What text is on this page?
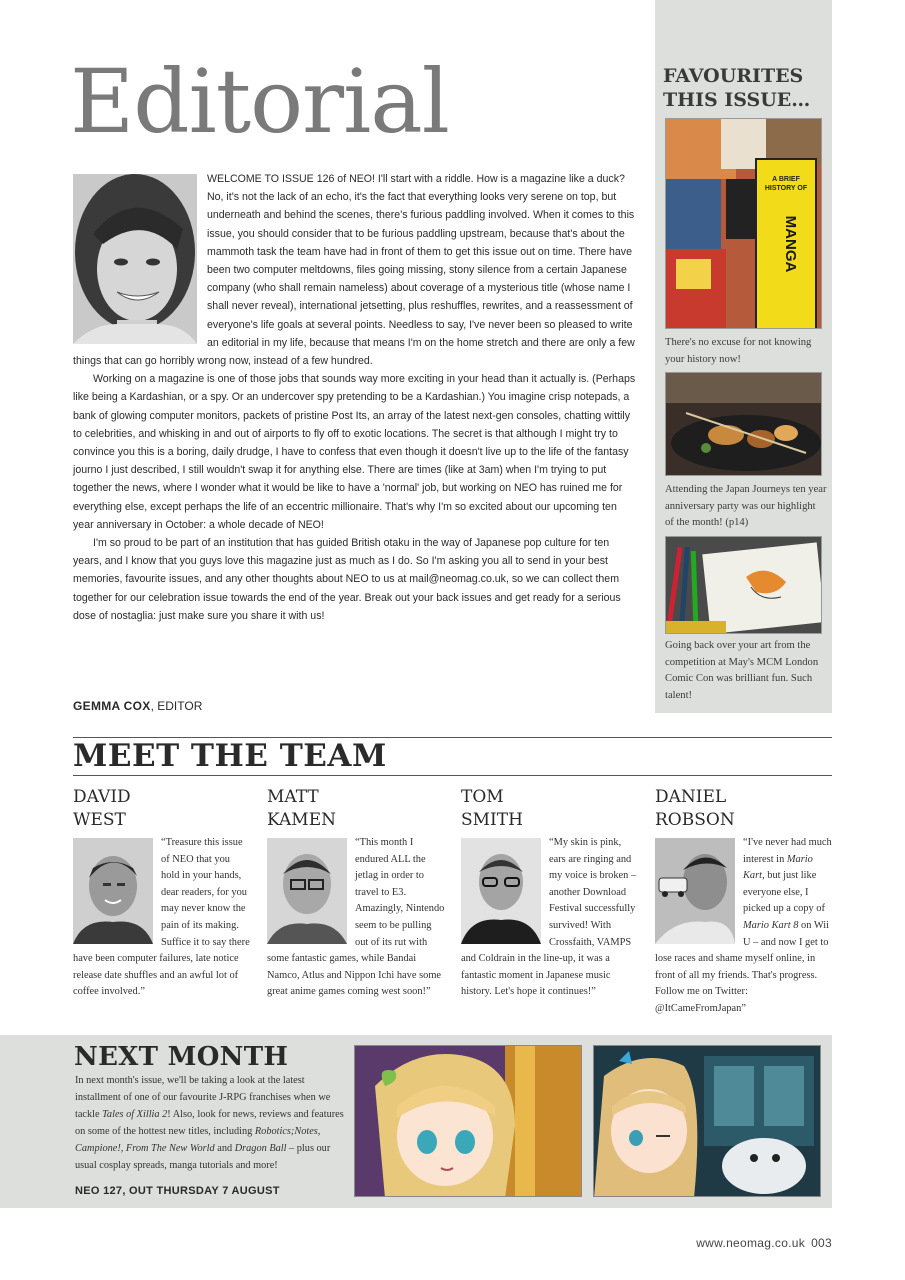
Editorial

WELCOME TO ISSUE 126 of NEO! I'll start with a riddle. How is a magazine like a duck? No, it's not the lack of an echo, it's the fact that everything looks very serene on top, but underneath and behind the scenes, there's furious paddling involved. When it comes to this issue, you should consider that to be furious paddling upstream, because that's about the mammoth task the team have had in front of them to get this issue out on time. There have been two computer meltdowns, files going missing, stony silence from a certain Japanese company (who shall remain nameless) about coverage of a mysterious title (whose name I shall never reveal), international jetsetting, plus reshuffles, rewrites, and a reassessment of everyone's life goals at several points. Needless to say, I've never been so pleased to write an editorial in my life, because that means I'm on the home stretch and there are only a few things that can go horribly wrong now, instead of a few hundred.

Working on a magazine is one of those jobs that sounds way more exciting in your head than it actually is. (Perhaps like being a Kardashian, or a spy. Or an undercover spy pretending to be a Kardashian.) You imagine crisp notepads, a bank of glowing computer monitors, packets of pristine Post Its, an array of the latest next-gen consoles, chatting wittily to celebrities, and whisking in and out of airports to fly off to exotic locations. The secret is that although I might try to convince you this is a boring, daily drudge, I have to confess that even though it doesn't live up to the life of the fantasy journo I just described, I still wouldn't swap it for anything else. There are times (like at 3am) when I'm trying to put together the news, where I wonder what it would be like to have a 'normal' job, but working on NEO has ruined me for everything else, except perhaps the life of an eccentric millionaire. That's why I'm so excited about our upcoming ten year anniversary in October: a whole decade of NEO!

I'm so proud to be part of an institution that has guided British otaku in the way of Japanese pop culture for ten years, and I know that you guys love this magazine just as much as I do. So I'm asking you all to send in your best memories, favourite issues, and any other thoughts about NEO to us at mail@neomag.co.uk, so we can collect them together for our celebration issue towards the end of the year. Break out your back issues and get ready for a serious dose of nostaglia: just make sure you share it with us!

GEMMA COX, EDITOR
FAVOURITES THIS ISSUE…
A BRIEF
HISTORY OF
MANGA

There's no excuse for not knowing your history now!

Attending the Japan Journeys ten year anniversary party was our highlight of the month! (p14)

Going back over your art from the competition at May's MCM London Comic Con was brilliant fun. Such talent!

MEET THE TEAM
DAVID
WEST
“Treasure this issue of NEO that you hold in your hands, dear readers, for you may never know the pain of its making. Suffice it to say there have been computer failures, late notice release date shuffles and an awful lot of coffee involved.”
MATT
KAMEN
“This month I endured ALL the jetlag in order to travel to E3. Amazingly, Nintendo seem to be pulling out of its rut with some fantastic games, while Bandai Namco, Atlus and Nippon Ichi have some great anime games coming west soon!”
TOM
SMITH
“My skin is pink, ears are ringing and my voice is broken – another Download Festival successfully survived! With Crossfaith, VAMPS and Coldrain in the line-up, it was a fantastic moment in Japanese music history. Let's hope it continues!”
DANIEL
ROBSON
“I've never had much interest in Mario Kart, but just like everyone else, I picked up a copy of Mario Kart 8 on Wii U – and now I get to lose races and shame myself online, in front of all my friends. That's progress. Follow me on Twitter: @ItCameFromJapan”
NEXT MONTH

In next month's issue, we'll be taking a look at the latest installment of one of our favourite J-RPG franchises when we tackle Tales of Xillia 2! Also, look for news, reviews and features on some of the hottest new titles, including Robotics;Notes, Campione!, From The New World and Dragon Ball – plus our usual cosplay spreads, manga tutorials and more!

NEO 127, OUT THURSDAY 7 AUGUST
www.neomag.co.uk 003
